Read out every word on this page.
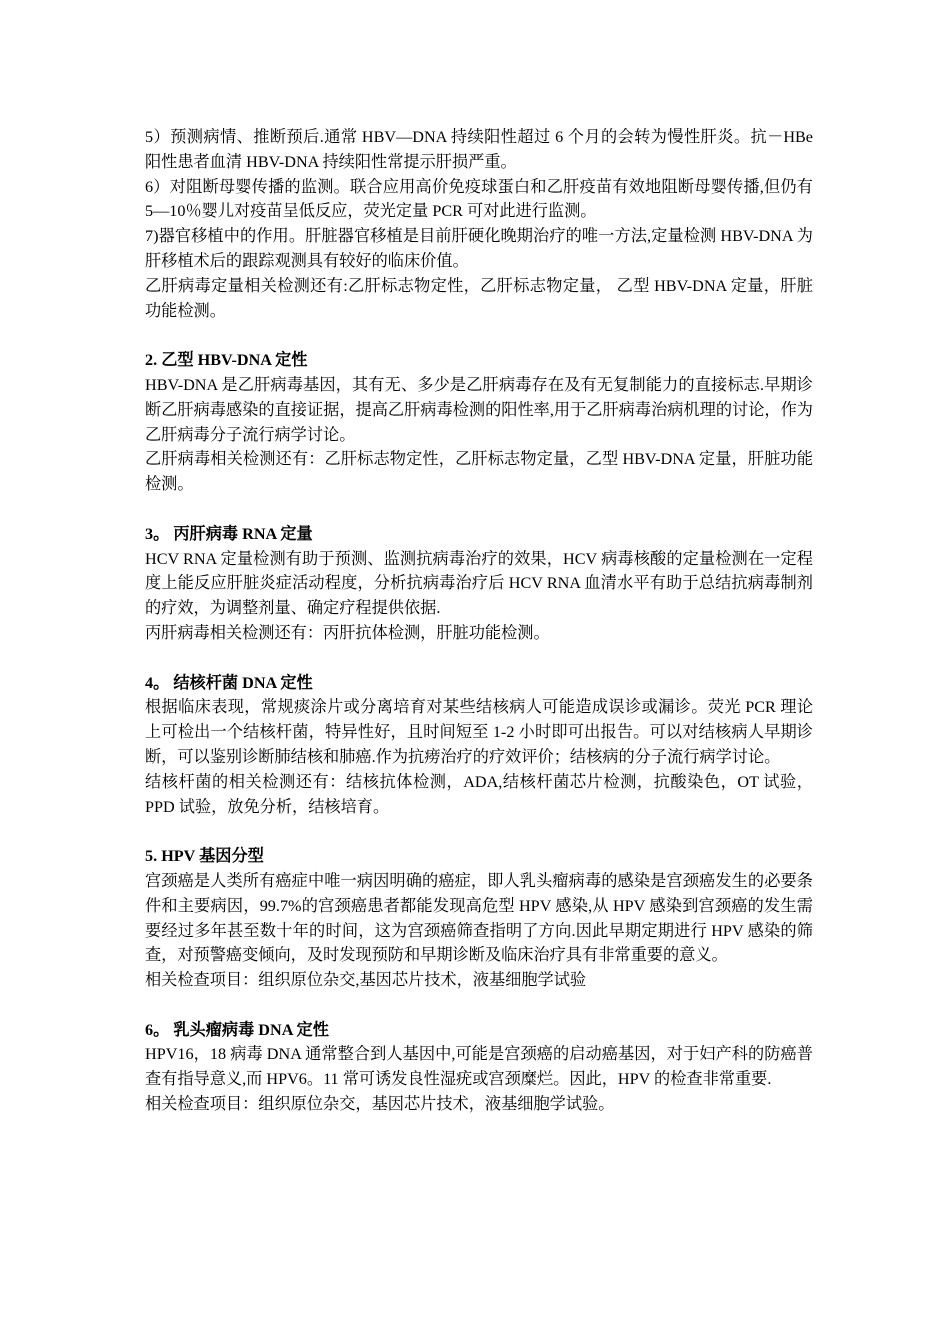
5）预测病情、推断预后.通常 HBV—DNA 持续阳性超过 6 个月的会转为慢性肝炎。抗－HBe 阳性患者血清 HBV-DNA 持续阳性常提示肝损严重。

6）对阻断母婴传播的监测。联合应用高价免疫球蛋白和乙肝疫苗有效地阻断母婴传播,但仍有 5—10％婴儿对疫苗呈低反应，荧光定量 PCR 可对此进行监测。

7)器官移植中的作用。肝脏器官移植是目前肝硬化晚期治疗的唯一方法,定量检测 HBV-DNA 为肝移植术后的跟踪观测具有较好的临床价值。

乙肝病毒定量相关检测还有:乙肝标志物定性，乙肝标志物定量， 乙型 HBV-DNA 定量，肝脏功能检测。

2. 乙型 HBV-DNA 定性

HBV-DNA 是乙肝病毒基因，其有无、多少是乙肝病毒存在及有无复制能力的直接标志.早期诊断乙肝病毒感染的直接证据，提高乙肝病毒检测的阳性率,用于乙肝病毒治病机理的讨论，作为乙肝病毒分子流行病学讨论。

乙肝病毒相关检测还有：乙肝标志物定性，乙肝标志物定量，乙型 HBV-DNA 定量，肝脏功能检测。

3。 丙肝病毒 RNA 定量

HCV RNA 定量检测有助于预测、监测抗病毒治疗的效果，HCV 病毒核酸的定量检测在一定程度上能反应肝脏炎症活动程度，分析抗病毒治疗后 HCV RNA 血清水平有助于总结抗病毒制剂的疗效，为调整剂量、确定疗程提供依据.

丙肝病毒相关检测还有：丙肝抗体检测，肝脏功能检测。

4。 结核杆菌 DNA 定性

根据临床表现，常规痰涂片或分离培育对某些结核病人可能造成误诊或漏诊。荧光 PCR 理论上可检出一个结核杆菌，特异性好，且时间短至 1-2 小时即可出报告。可以对结核病人早期诊断，可以鉴别诊断肺结核和肺癌.作为抗痨治疗的疗效评价；结核病的分子流行病学讨论。

结核杆菌的相关检测还有：结核抗体检测，ADA,结核杆菌芯片检测，抗酸染色，OT 试验，PPD 试验，放免分析，结核培育。

5. HPV 基因分型

宫颈癌是人类所有癌症中唯一病因明确的癌症，即人乳头瘤病毒的感染是宫颈癌发生的必要条件和主要病因，99.7%的宫颈癌患者都能发现高危型 HPV 感染,从 HPV 感染到宫颈癌的发生需要经过多年甚至数十年的时间，这为宫颈癌筛查指明了方向.因此早期定期进行 HPV 感染的筛查，对预警癌变倾向，及时发现预防和早期诊断及临床治疗具有非常重要的意义。

相关检查项目：组织原位杂交,基因芯片技术，液基细胞学试验

6。 乳头瘤病毒 DNA 定性

HPV16，18 病毒 DNA 通常整合到人基因中,可能是宫颈癌的启动癌基因，对于妇产科的防癌普查有指导意义,而 HPV6。11 常可诱发良性湿疣或宫颈糜烂。因此，HPV 的检查非常重要.

相关检查项目：组织原位杂交，基因芯片技术，液基细胞学试验。
